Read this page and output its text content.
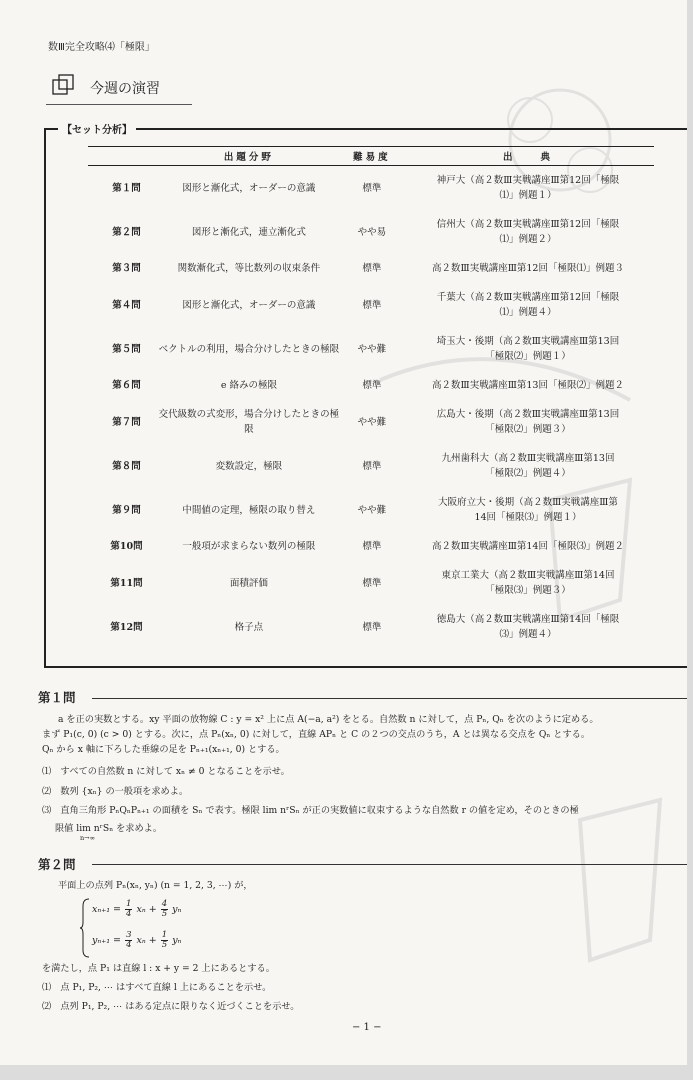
数Ⅲ完全攻略⑷「極限」
今週の演習
【セット分析】
	出題分野	難易度	出　　典
第１問	図形と漸化式，オーダーの意識	標準	神戸大（高２数Ⅲ実戦講座Ⅲ第12回「極限
⑴」例題１）
第２問	図形と漸化式，連立漸化式	やや易	信州大（高２数Ⅲ実戦講座Ⅲ第12回「極限
⑴」例題２）
第３問	関数漸化式，等比数列の収束条件	標準	高２数Ⅲ実戦講座Ⅲ第12回「極限⑴」例題３
第４問	図形と漸化式，オーダーの意識	標準	千葉大（高２数Ⅲ実戦講座Ⅲ第12回「極限
⑴」例題４）
第５問	ベクトルの利用，場合分けしたときの極限	やや難	埼玉大・後期（高２数Ⅲ実戦講座Ⅲ第13回
「極限⑵」例題１）
第６問	e 絡みの極限	標準	高２数Ⅲ実戦講座Ⅲ第13回「極限⑵」例題２
第７問	交代級数の式変形，場合分けしたときの極限	やや難	広島大・後期（高２数Ⅲ実戦講座Ⅲ第13回
「極限⑵」例題３）
第８問	変数設定，極限	標準	九州歯科大（高２数Ⅲ実戦講座Ⅲ第13回
「極限⑵」例題４）
第９問	中間値の定理，極限の取り替え	やや難	大阪府立大・後期（高２数Ⅲ実戦講座Ⅲ第
14回「極限⑶」例題１）
第10問	一般項が求まらない数列の極限	標準	高２数Ⅲ実戦講座Ⅲ第14回「極限⑶」例題２
第11問	面積評価	標準	東京工業大（高２数Ⅲ実戦講座Ⅲ第14回
「極限⑶」例題３）
第12問	格子点	標準	徳島大（高２数Ⅲ実戦講座Ⅲ第14回「極限
⑶」例題４）
第１問
a を正の実数とする。xy 平面の放物線 C : y = x² 上に点 A(−a, a²) をとる。自然数 n に対して，点 Pₙ, Qₙ を次のように定める。
まず P₁(c, 0) (c > 0) とする。次に，点 Pₙ(xₙ, 0) に対して，直線 APₙ と C の２つの交点のうち，A とは異なる交点を Qₙ とする。
Qₙ から x 軸に下ろした垂線の足を Pₙ₊₁(xₙ₊₁, 0) とする。
⑴　すべての自然数 n に対して xₙ ≠ 0 となることを示せ。
⑵　数列 {xₙ} の一般項を求めよ。
⑶　直角三角形 PₙQₙPₙ₊₁ の面積を Sₙ で表す。極限 lim nʳSₙ が正の実数値に収束するような自然数 r の値を定め，そのときの極
限値 lim nʳSₙ を求めよ。
n→∞
第２問
平面上の点列 Pₙ(xₙ, yₙ) (n = 1, 2, 3, ⋯) が，
$x_{n+1} = \frac{1}{4}$ $x_n + \frac{4}{5}$ yₙ
$y_{n+1} = \frac{3}{4}$ $x_n + \frac{1}{5}$ yₙ
を満たし，点 P₁ は直線 l : x + y = 2 上にあるとする。
⑴　点 P₁, P₂, ⋯ はすべて直線 l 上にあることを示せ。
⑵　点列 P₁, P₂, ⋯ はある定点に限りなく近づくことを示せ。
− 1 −
